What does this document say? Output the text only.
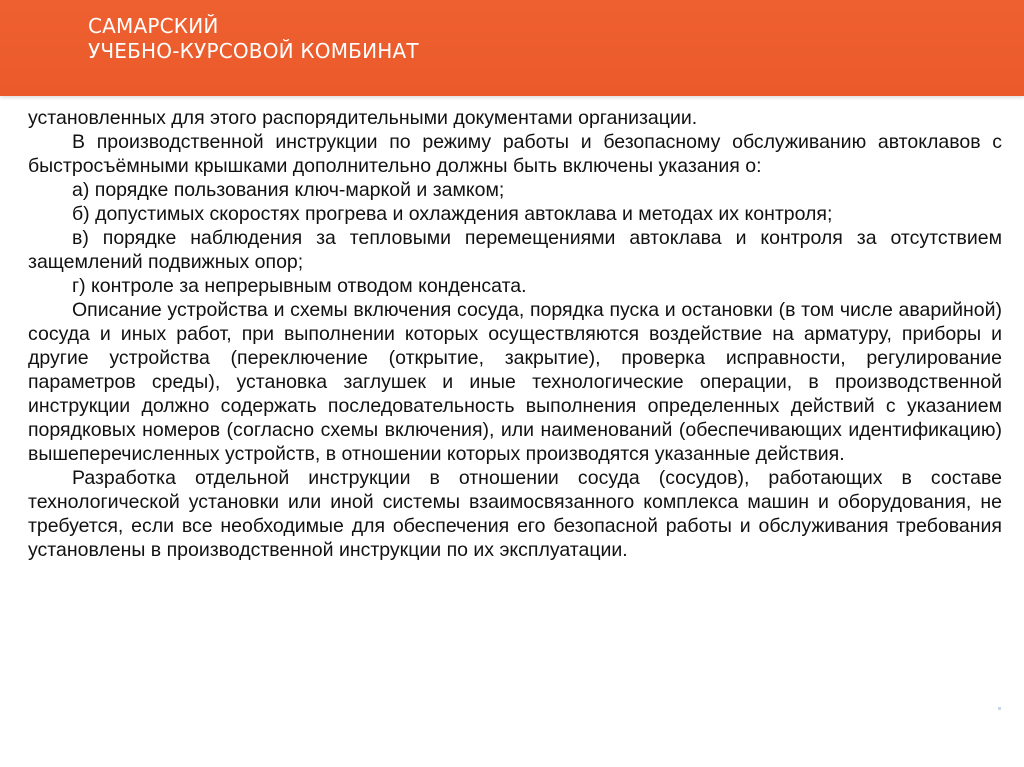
САМАРСКИЙ
УЧЕБНО-КУРСОВОЙ КОМБИНАТ

установленных для этого распорядительными документами организации.

В производственной инструкции по режиму работы и безопасному обслуживанию автоклавов с быстросъёмными крышками дополнительно должны быть включены указания о:

а) порядке пользования ключ-маркой и замком;

б) допустимых скоростях прогрева и охлаждения автоклава и методах их контроля;

в) порядке наблюдения за тепловыми перемещениями автоклава и контроля за отсутствием защемлений подвижных опор;

г) контроле за непрерывным отводом конденсата.

Описание устройства и схемы включения сосуда, порядка пуска и остановки (в том числе аварийной) сосуда и иных работ, при выполнении которых осуществляются воздействие на арматуру, приборы и другие устройства (переключение (открытие, закрытие), проверка исправности, регулирование параметров среды), установка заглушек и иные технологические операции, в производственной инструкции должно содержать последовательность выполнения определенных действий с указанием порядковых номеров (согласно схемы включения), или наименований (обеспечивающих идентификацию) вышеперечисленных устройств, в отношении которых производятся указанные действия.

Разработка отдельной инструкции в отношении сосуда (сосудов), работающих в составе технологической установки или иной системы взаимосвязанного комплекса машин и оборудования, не требуется, если все необходимые для обеспечения его безопасной работы и обслуживания требования установлены в производственной инструкции по их эксплуатации.
